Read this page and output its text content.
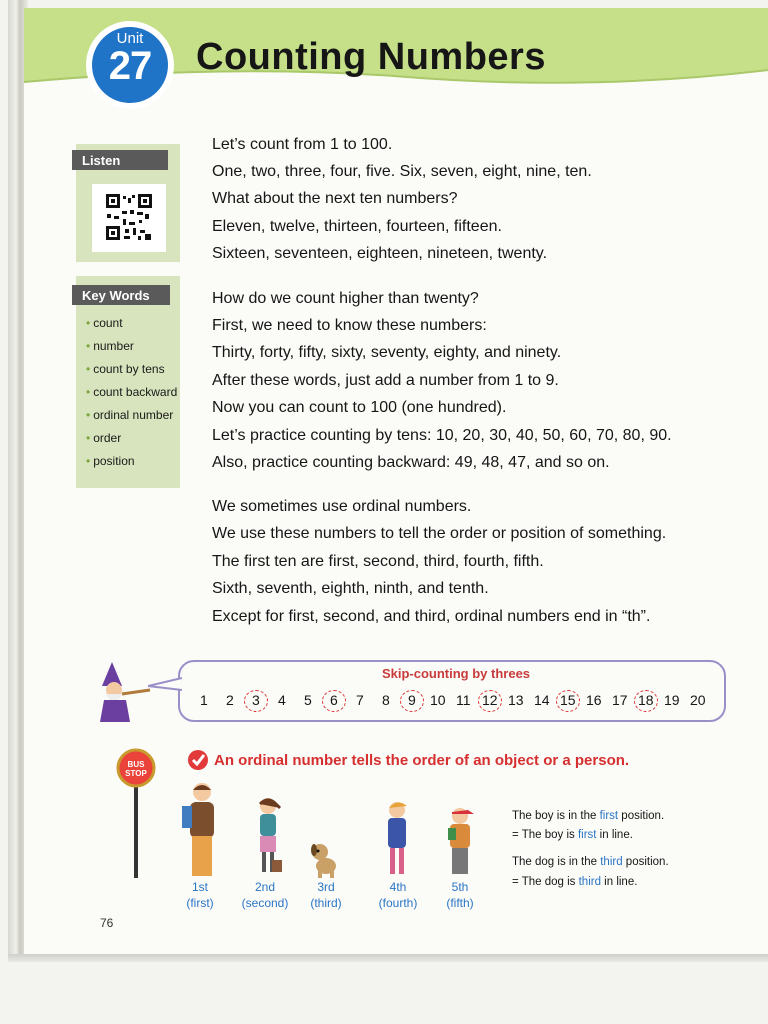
Unit
27	Counting Numbers
Listen
Key Words
• count
• number
• count by tens
• count backward
• ordinal number
• order
• position
Let’s count from 1 to 100.
One, two, three, four, five. Six, seven, eight, nine, ten.
What about the next ten numbers?
Eleven, twelve, thirteen, fourteen, fifteen.
Sixteen, seventeen, eighteen, nineteen, twenty.
How do we count higher than twenty?
First, we need to know these numbers:
Thirty, forty, fifty, sixty, seventy, eighty, and ninety.
After these words, just add a number from 1 to 9.
Now you can count to 100 (one hundred).
Let’s practice counting by tens: 10, 20, 30, 40, 50, 60, 70, 80, 90.
Also, practice counting backward: 49, 48, 47, and so on.
We sometimes use ordinal numbers.
We use these numbers to tell the order or position of something.
The first ten are first, second, third, fourth, fifth.
Sixth, seventh, eighth, ninth, and tenth.
Except for first, second, and third, ordinal numbers end in “th”.
Skip-counting by threes
1 2 3 4 5 6 7 8 9 10 11 12 13 14 15 16 17 18 19 20
An ordinal number tells the order of an object or a person.
BUS STOP
1st
(first)
2nd
(second)
3rd
(third)
4th
(fourth)
5th
(fifth)
The boy is in the first position.
= The boy is first in line.
The dog is in the third position.
= The dog is third in line.
76
